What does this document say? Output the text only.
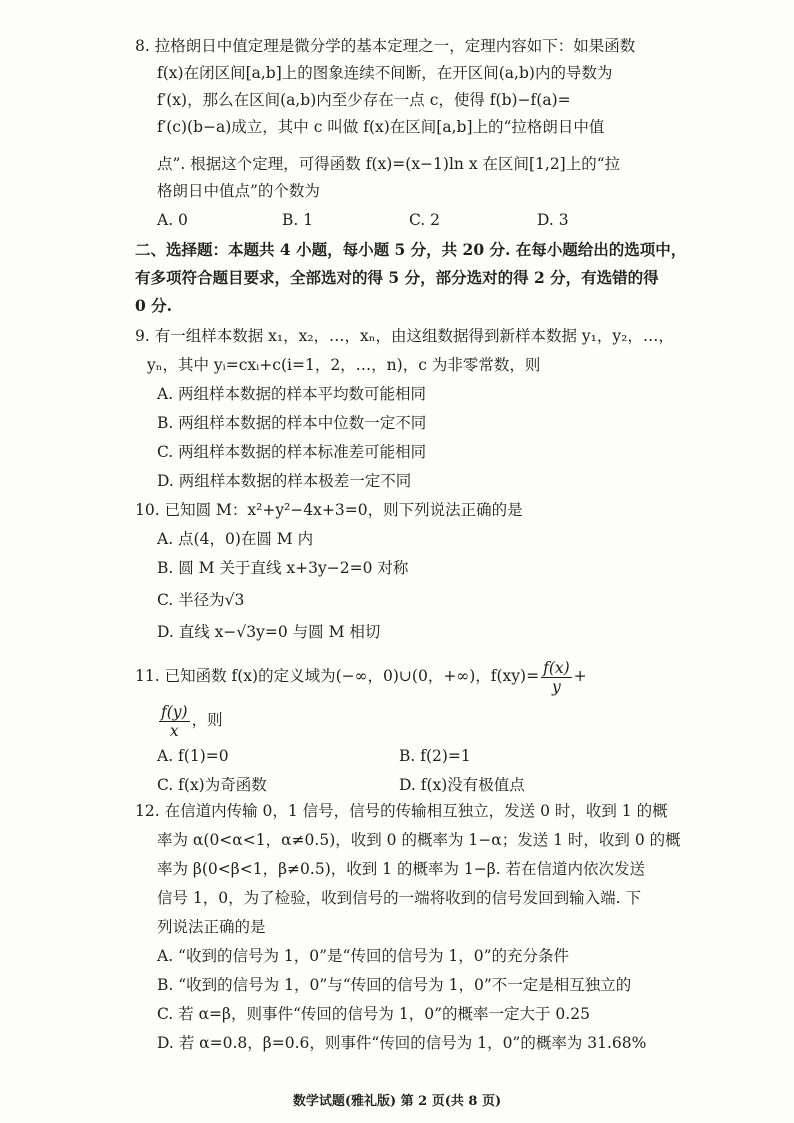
8. 拉格朗日中值定理是微分学的基本定理之一，定理内容如下：如果函数
f(x)在闭区间[a,b]上的图象连续不间断，在开区间(a,b)内的导数为
f′(x)，那么在区间(a,b)内至少存在一点 c，使得 f(b)−f(a)=
f′(c)(b−a)成立，其中 c 叫做 f(x)在区间[a,b]上的“拉格朗日中值
点”. 根据这个定理，可得函数 f(x)=(x−1)ln x 在区间[1,2]上的“拉
格朗日中值点”的个数为
A. 0	B. 1	C. 2	D. 3
二、选择题：本题共 4 小题，每小题 5 分，共 20 分. 在每小题给出的选项中，
有多项符合题目要求，全部选对的得 5 分，部分选对的得 2 分，有选错的得
0 分.
9. 有一组样本数据 x₁，x₂，…，xₙ，由这组数据得到新样本数据 y₁，y₂，…，
yₙ，其中 yᵢ=cxᵢ+c(i=1，2，…，n)，c 为非零常数，则
A. 两组样本数据的样本平均数可能相同
B. 两组样本数据的样本中位数一定不同
C. 两组样本数据的样本标准差可能相同
D. 两组样本数据的样本极差一定不同
10. 已知圆 M：x²+y²−4x+3=0，则下列说法正确的是
A. 点(4，0)在圆 M 内
B. 圆 M 关于直线 x+3y−2=0 对称
C. 半径为√3
D. 直线 x−√3y=0 与圆 M 相切
11. 已知函数 f(x)的定义域为(−∞，0)∪(0，+∞)，$f(xy)= \frac{f(x)}{y}$ +
$\frac{f(y)}{x}$ ，则
A. f(1)=0	B. f(2)=1
C. f(x)为奇函数	D. f(x)没有极值点
12. 在信道内传输 0，1 信号，信号的传输相互独立，发送 0 时，收到 1 的概
率为 α(0<α<1，α≠0.5)，收到 0 的概率为 1−α；发送 1 时，收到 0 的概
率为 β(0<β<1，β≠0.5)，收到 1 的概率为 1−β. 若在信道内依次发送
信号 1，0，为了检验，收到信号的一端将收到的信号发回到输入端. 下
列说法正确的是
A. “收到的信号为 1，0”是“传回的信号为 1，0”的充分条件
B. “收到的信号为 1，0”与“传回的信号为 1，0”不一定是相互独立的
C. 若 α=β，则事件“传回的信号为 1，0”的概率一定大于 0.25
D. 若 α=0.8，β=0.6，则事件“传回的信号为 1，0”的概率为 31.68%
数学试题(雅礼版) 第 2 页(共 8 页)
